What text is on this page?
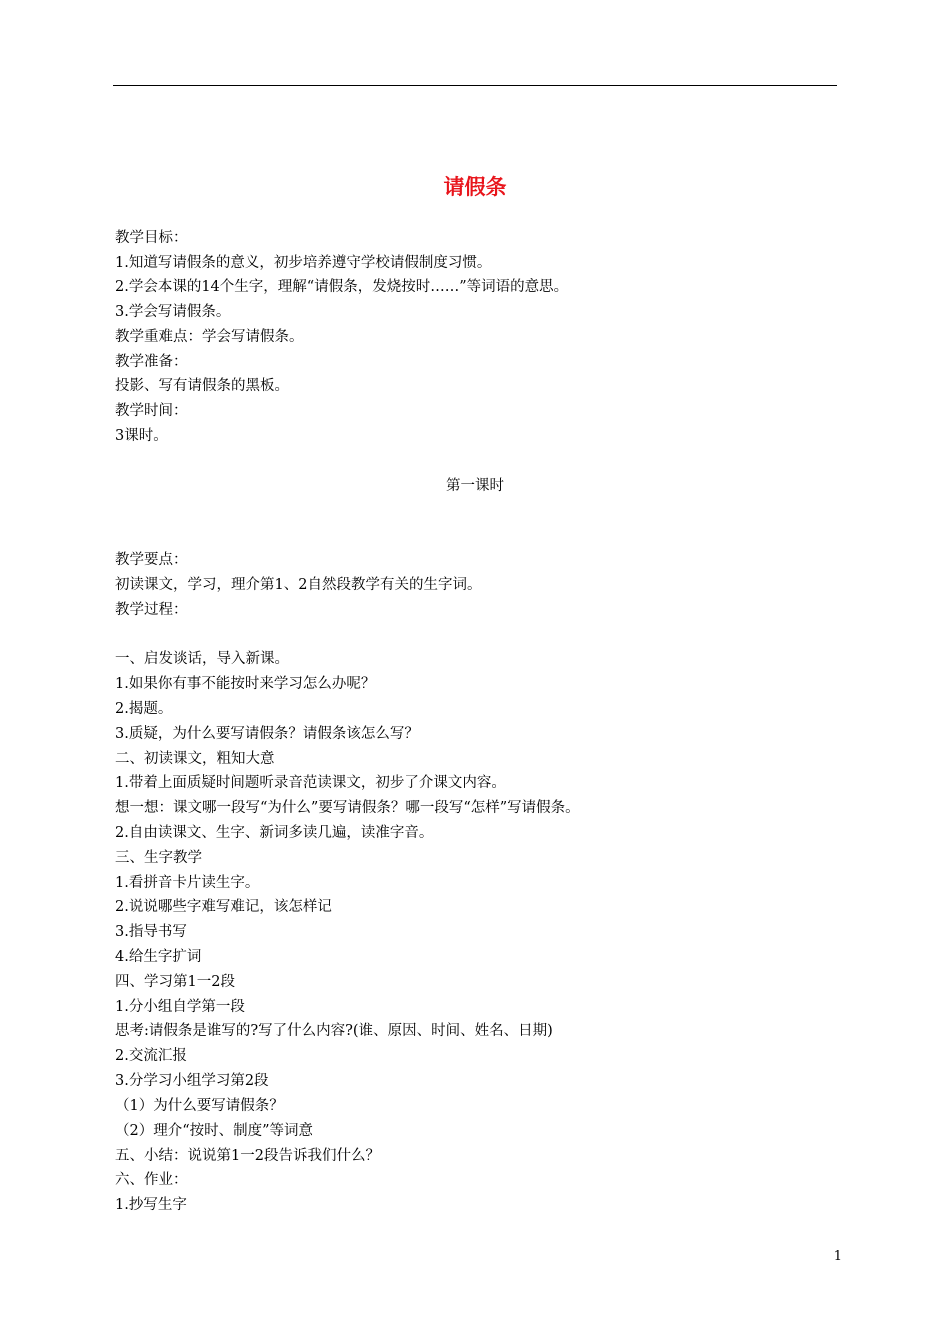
请假条
教学目标：
1.知道写请假条的意义，初步培养遵守学校请假制度习惯。
2.学会本课的14个生字，理解“请假条，发烧按时……”等词语的意思。
3.学会写请假条。
教学重难点：学会写请假条。
教学准备：
投影、写有请假条的黑板。
教学时间：
3课时。
第一课时
教学要点：
初读课文，学习，理介第1、2自然段教学有关的生字词。
教学过程：
一、启发谈话，导入新课。
1.如果你有事不能按时来学习怎么办呢？
2.揭题。
3.质疑，为什么要写请假条？请假条该怎么写？
二、初读课文，粗知大意
1.带着上面质疑时间题听录音范读课文，初步了介课文内容。
想一想：课文哪一段写“为什么”要写请假条？哪一段写“怎样”写请假条。
2.自由读课文、生字、新词多读几遍，读准字音。
三、生字教学
1.看拼音卡片读生字。
2.说说哪些字难写难记，该怎样记
3.指导书写
4.给生字扩词
四、学习第1一2段
1.分小组自学第一段
思考:请假条是谁写的?写了什么内容?(谁、原因、时间、姓名、日期)
2.交流汇报
3.分学习小组学习第2段
（1）为什么要写请假条？
（2）理介“按时、制度”等词意
五、小结：说说第1一2段告诉我们什么？
六、作业：
1.抄写生字
1
